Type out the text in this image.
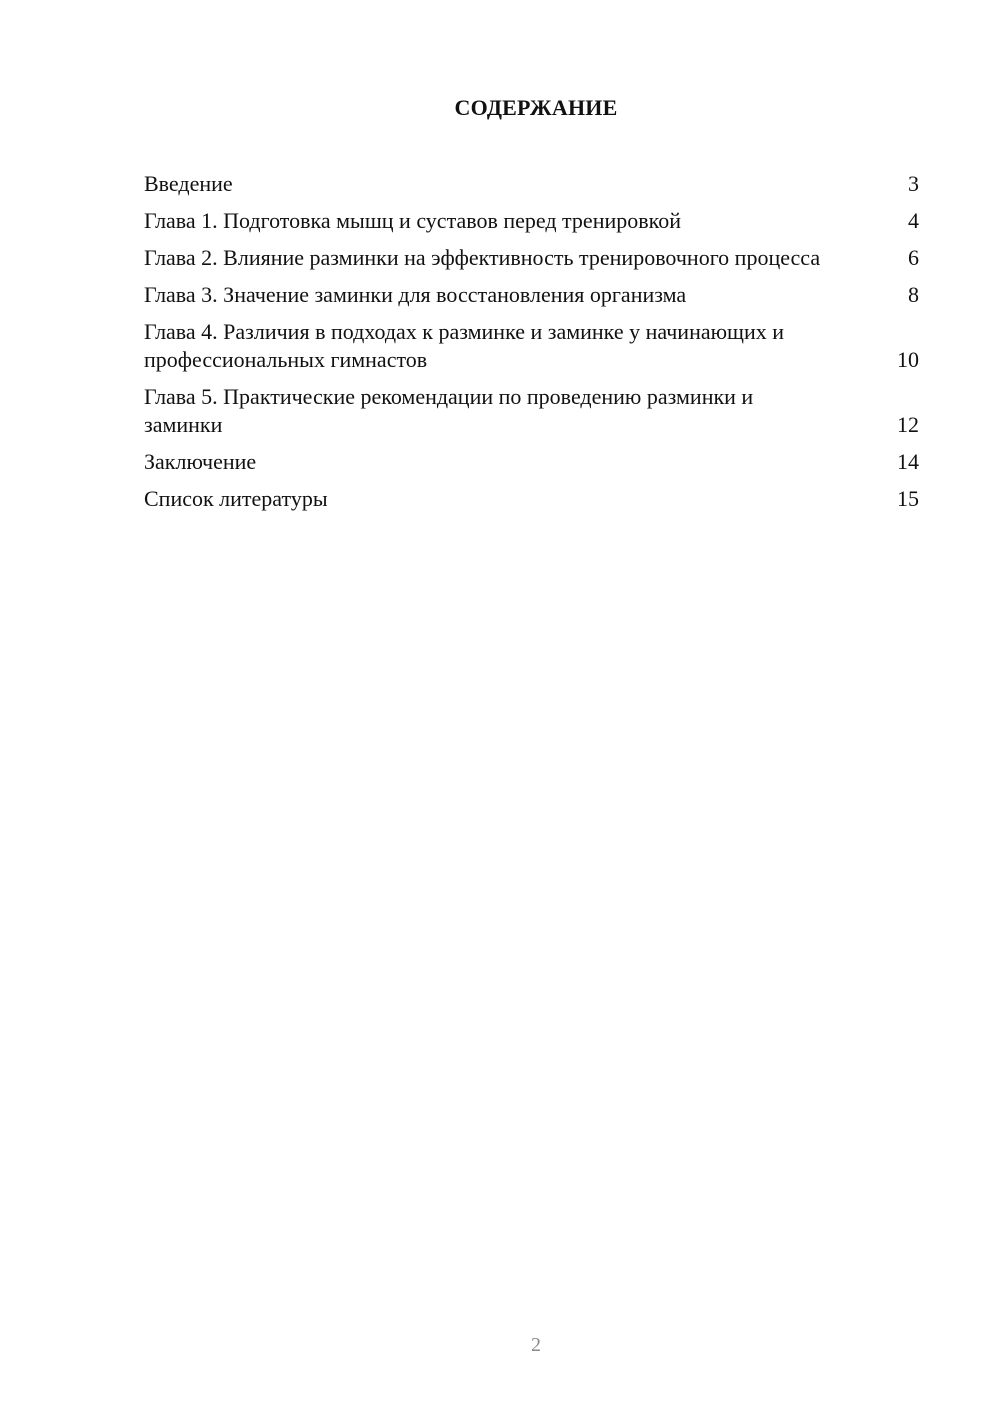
СОДЕРЖАНИЕ
Введение	3
Глава 1. Подготовка мышц и суставов перед тренировкой	4
Глава 2. Влияние разминки на эффективность тренировочного процесса	6
Глава 3. Значение заминки для восстановления организма	8
Глава 4. Различия в подходах к разминке и заминке у начинающих и профессиональных гимнастов	10
Глава 5. Практические рекомендации по проведению разминки и заминки	12
Заключение	14
Список литературы	15
2
